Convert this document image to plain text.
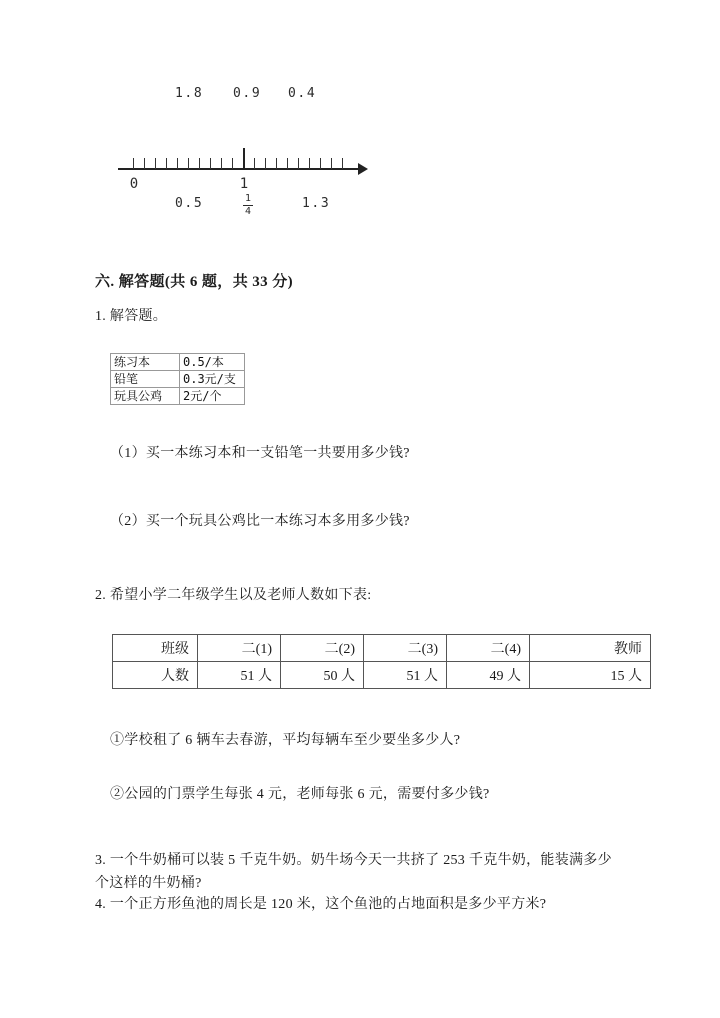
1.8 0.9 0.4
0	1
0.5	$\frac{1}{4}$	1.3
六. 解答题(共 6 题，共 33 分)
1. 解答题。
练习本	0.5/本
铅笔	0.3元/支
玩具公鸡	2元/个
（1）买一本练习本和一支铅笔一共要用多少钱?
（2）买一个玩具公鸡比一本练习本多用多少钱?
2. 希望小学二年级学生以及老师人数如下表:
班级	二(1)	二(2)	二(3)	二(4)	教师
人数	51 人	50 人	51 人	49 人	15 人
①学校租了 6 辆车去春游，平均每辆车至少要坐多少人?
②公园的门票学生每张 4 元，老师每张 6 元，需要付多少钱?
3. 一个牛奶桶可以装 5 千克牛奶。奶牛场今天一共挤了 253 千克牛奶，能装满多少个这样的牛奶桶?
4. 一个正方形鱼池的周长是 120 米，这个鱼池的占地面积是多少平方米?
